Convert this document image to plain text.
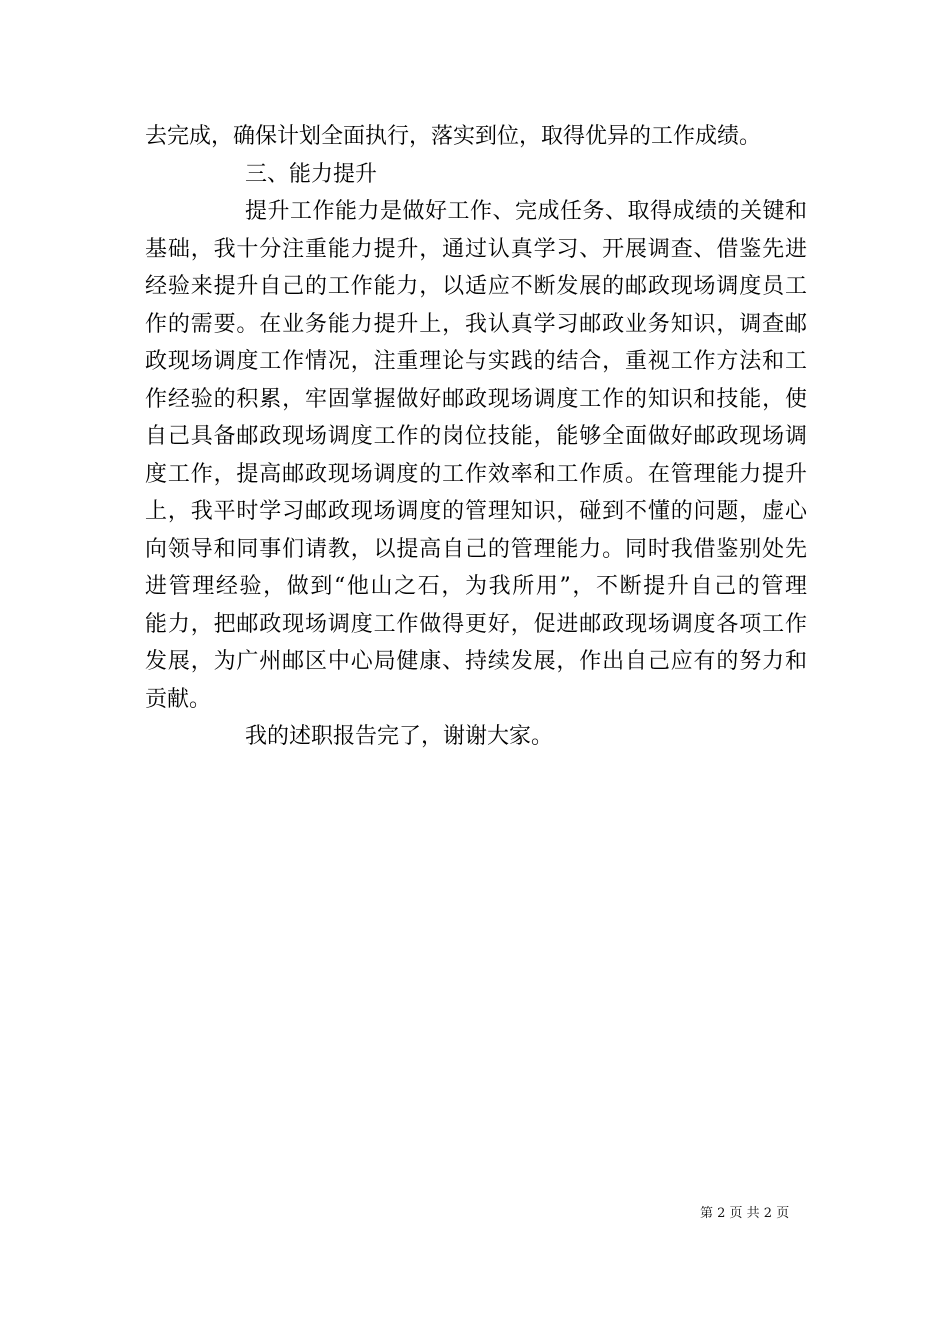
去完成，确保计划全面执行，落实到位，取得优异的工作成绩。
三、能力提升
提升工作能力是做好工作、完成任务、取得成绩的关键和
基础，我十分注重能力提升，通过认真学习、开展调查、借鉴先进
经验来提升自己的工作能力，以适应不断发展的邮政现场调度员工
作的需要。在业务能力提升上，我认真学习邮政业务知识，调查邮
政现场调度工作情况，注重理论与实践的结合，重视工作方法和工
作经验的积累，牢固掌握做好邮政现场调度工作的知识和技能，使
自己具备邮政现场调度工作的岗位技能，能够全面做好邮政现场调
度工作，提高邮政现场调度的工作效率和工作质。在管理能力提升
上，我平时学习邮政现场调度的管理知识，碰到不懂的问题，虚心
向领导和同事们请教，以提高自己的管理能力。同时我借鉴别处先
进管理经验，做到“他山之石，为我所用”，不断提升自己的管理
能力，把邮政现场调度工作做得更好，促进邮政现场调度各项工作
发展，为广州邮区中心局健康、持续发展，作出自己应有的努力和
贡献。
我的述职报告完了，谢谢大家。
第 2 页 共 2 页
